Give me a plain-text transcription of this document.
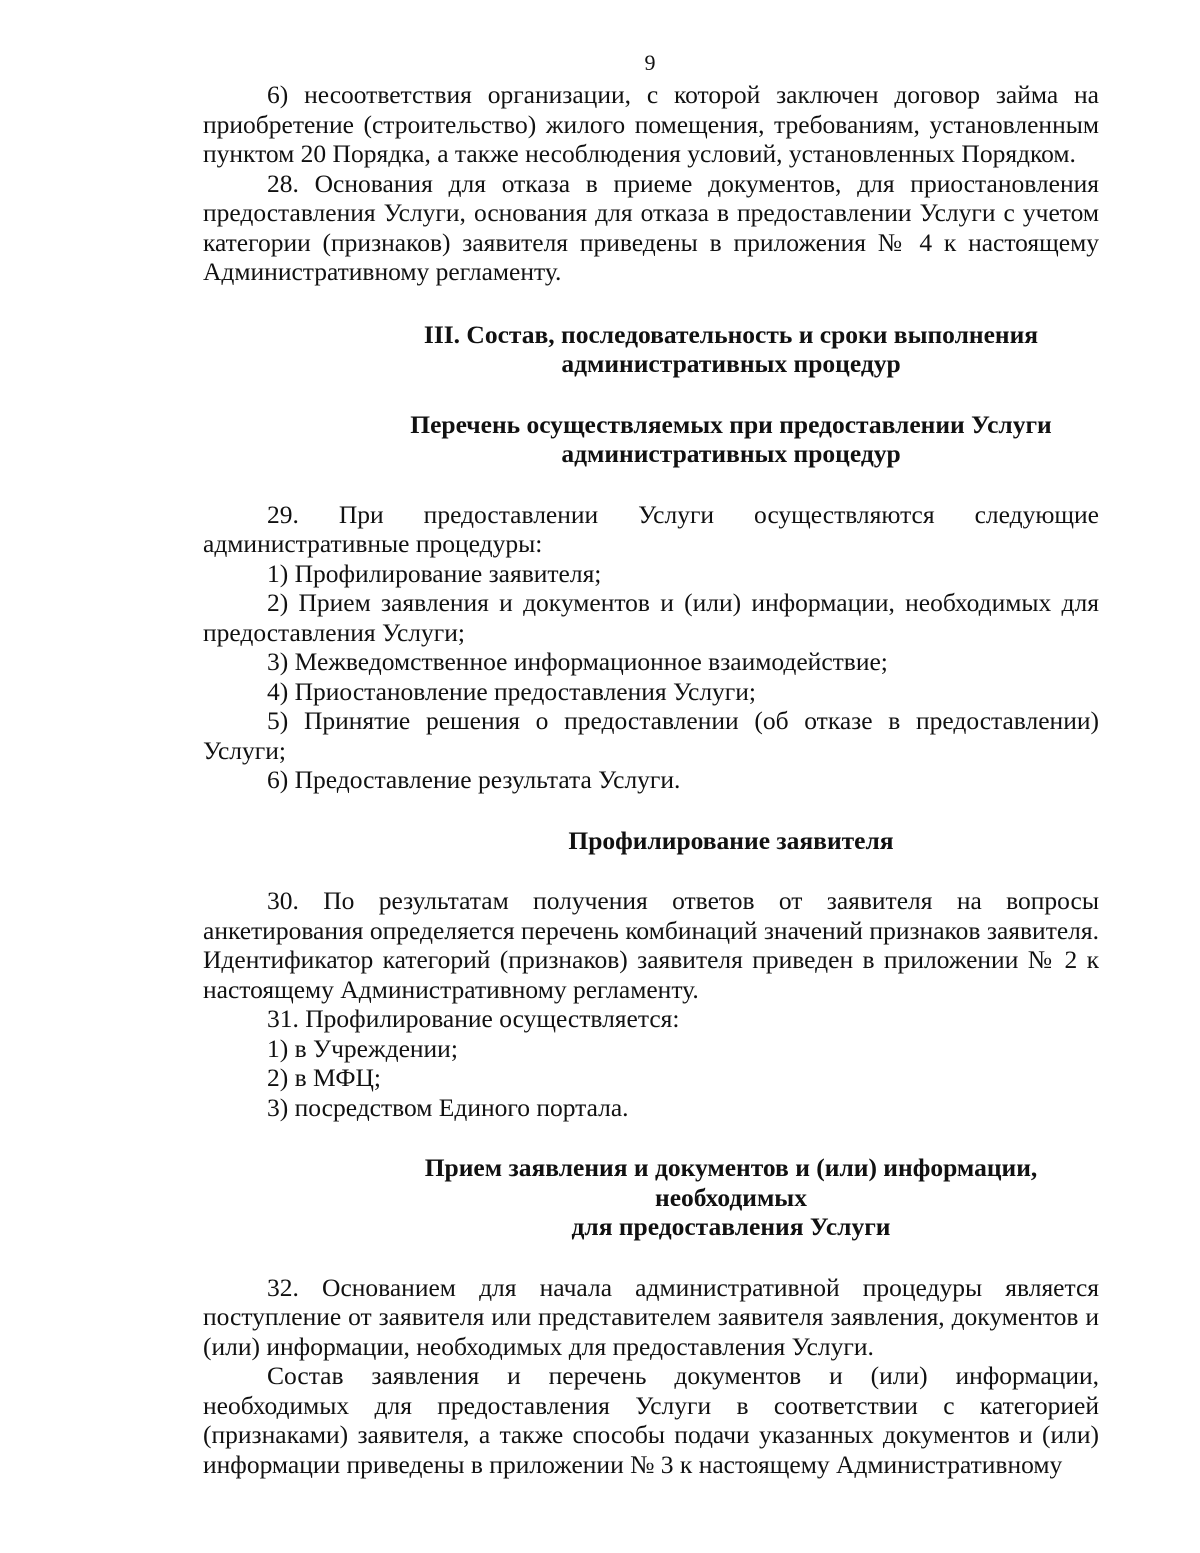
9

6) несоответствия организации, с которой заключен договор займа на приобретение (строительство) жилого помещения, требованиям, установленным пунктом 20 Порядка, а также несоблюдения условий, установленных Порядком.

28. Основания для отказа в приеме документов, для приостановления предоставления Услуги, основания для отказа в предоставлении Услуги с учетом категории (признаков) заявителя приведены в приложения № 4 к настоящему Административному регламенту.

III. Состав, последовательность и сроки выполнения
административных процедур
Перечень осуществляемых при предоставлении Услуги
административных процедур

29. При предоставлении Услуги осуществляются следующие административные процедуры:

1) Профилирование заявителя;

2) Прием заявления и документов и (или) информации, необходимых для предоставления Услуги;

3) Межведомственное информационное взаимодействие;

4) Приостановление предоставления Услуги;

5) Принятие решения о предоставлении (об отказе в предоставлении) Услуги;

6) Предоставление результата Услуги.

Профилирование заявителя

30. По результатам получения ответов от заявителя на вопросы анкетирования определяется перечень комбинаций значений признаков заявителя. Идентификатор категорий (признаков) заявителя приведен в приложении № 2 к настоящему Административному регламенту.

31. Профилирование осуществляется:

1) в Учреждении;

2) в МФЦ;

3) посредством Единого портала.

Прием заявления и документов и (или) информации, необходимых
для предоставления Услуги

32. Основанием для начала административной процедуры является поступление от заявителя или представителем заявителя заявления, документов и (или) информации, необходимых для предоставления Услуги.

Состав заявления и перечень документов и (или) информации, необходимых для предоставления Услуги в соответствии с категорией (признаками) заявителя, а также способы подачи указанных документов и (или) информации приведены в приложении № 3 к настоящему Административному
